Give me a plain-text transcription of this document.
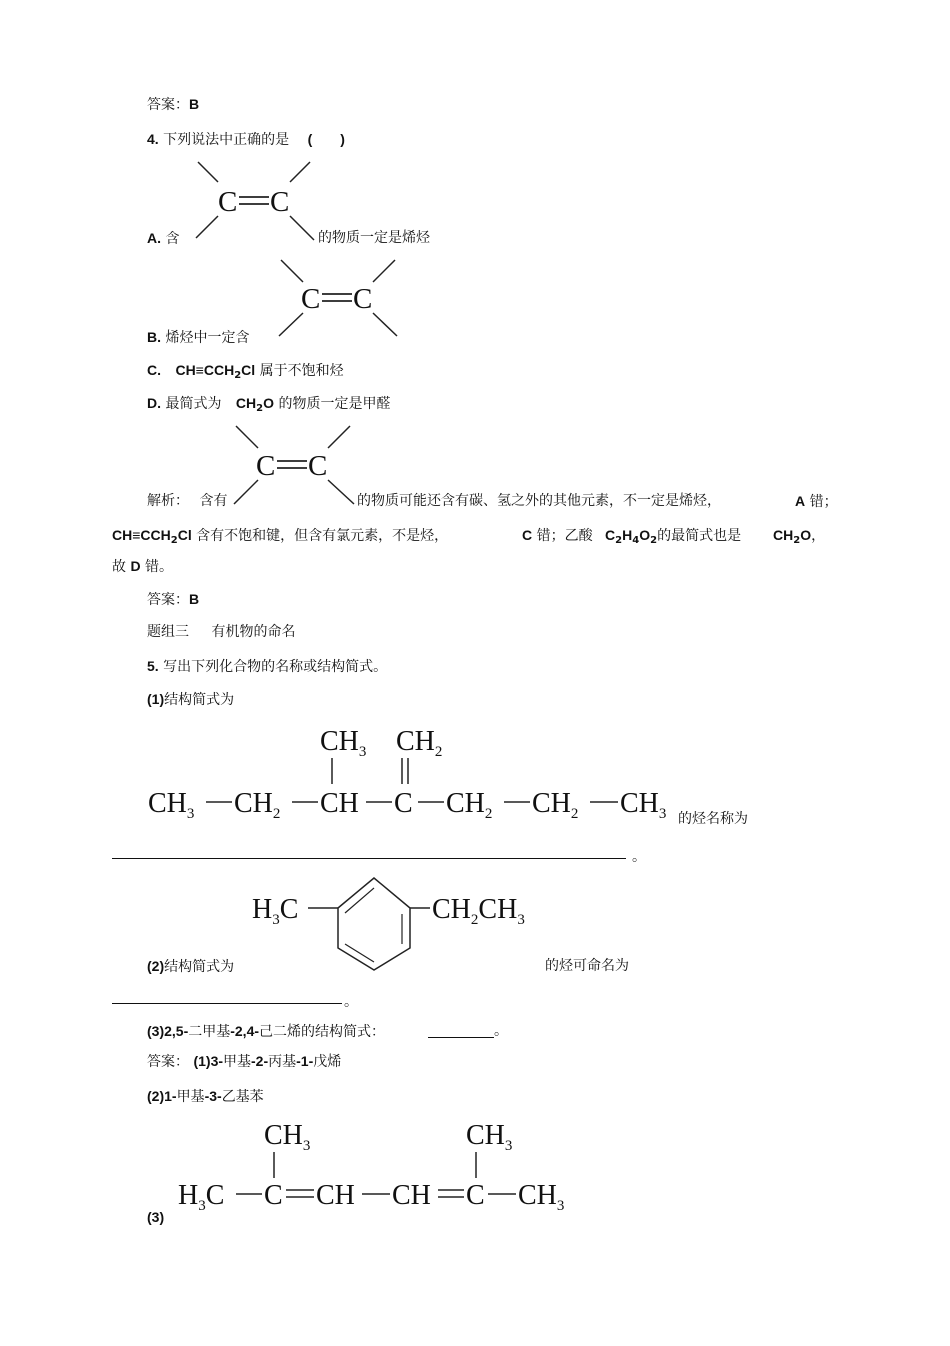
答案：B
4. 下列说法中正确的是 ( )
C C
A. 含	的物质一定是烯烃
C C
B. 烯烃中一定含
C. $CH\equiv CCH_2Cl$ 属于不饱和烃
D. 最简式为 $CH_2O$ 的物质一定是甲醛
C C
解析： 含有	的物质可能还含有碳、氢之外的其他元素，不一定是烯烃，	A 错；
$CH\equiv CCH_2Cl$ 含有不饱和键，但含有氯元素，不是烃，	C 错；乙酸 $C_2H_4O_2$的最简式也是 $CH_2O$，
故 D 错。
答案：B
题组三 有机物的命名
5. 写出下列化合物的名称或结构简式。
(1)结构简式为
$CH_3$ $CH_2$
$CH_3$ $CH_2$ CH C $CH_2$ $CH_2$ $CH_3$ 的烃名称为
。
$H_3C$	$CH_2CH_3$
(2)结构简式为	的烃可命名为
。
(3)2,5-二甲基-2,4-己二烯的结构简式：	。
答案： (1)3-甲基-2-丙基-1-戊烯
(2)1-甲基-3-乙基苯
$CH_3$	$CH_3$
$H_3C$ C CH CH C $CH_3$
(3)
